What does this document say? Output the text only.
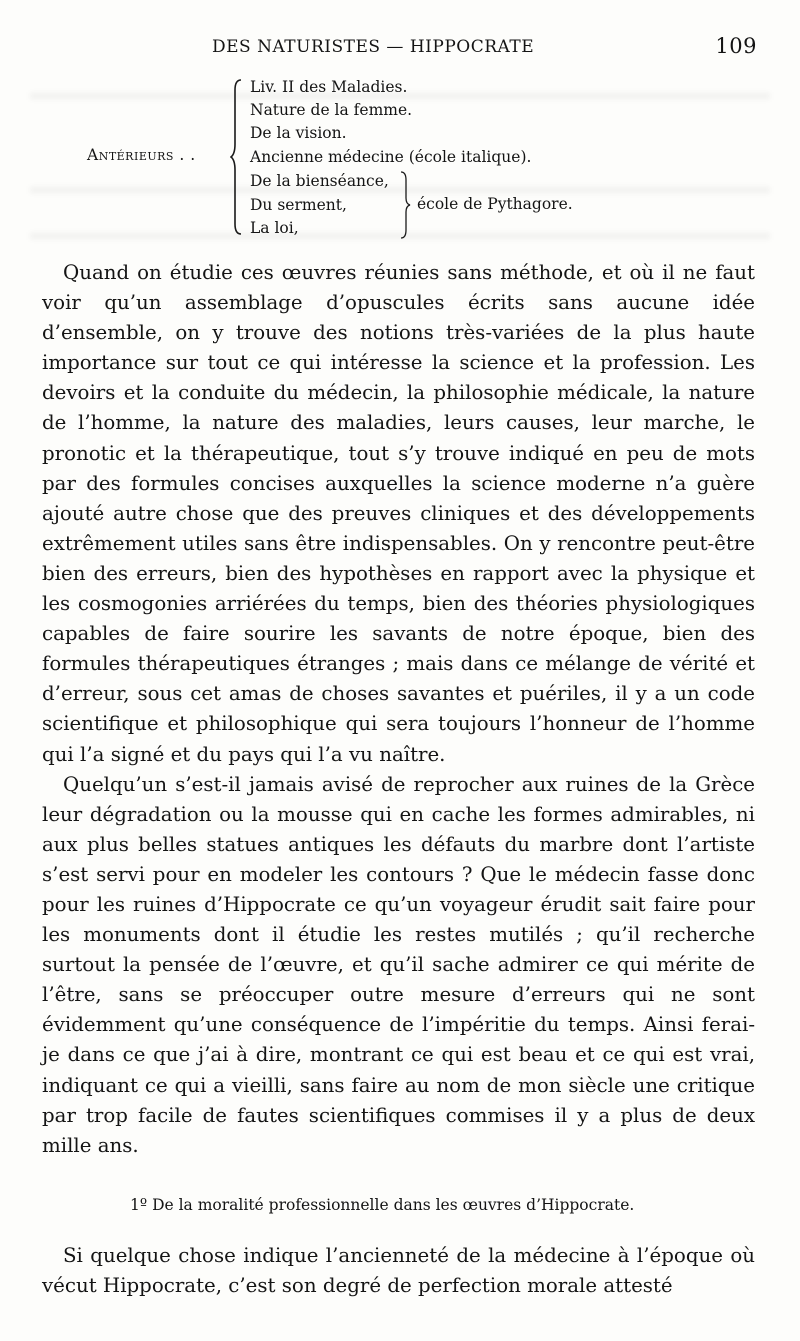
DES NATURISTES — HIPPOCRATE	109
Antérieurs . .
Liv. II des Maladies.
Nature de la femme.
De la vision.
Ancienne médecine (école italique).
De la bienséance,
Du serment,
La loi,
école de Pythagore.

Quand on étudie ces œuvres réunies sans méthode, et où il ne faut voir qu’un assemblage d’opuscules écrits sans aucune idée d’ensemble, on y trouve des notions très-variées de la plus haute importance sur tout ce qui intéresse la science et la profession. Les devoirs et la conduite du médecin, la philosophie médicale, la nature de l’homme, la nature des maladies, leurs causes, leur marche, le pronotic et la thérapeutique, tout s’y trouve indiqué en peu de mots par des formules concises auxquelles la science moderne n’a guère ajouté autre chose que des preuves cliniques et des développements extrêmement utiles sans être indispensables. On y rencontre peut-être bien des erreurs, bien des hypothèses en rapport avec la physique et les cosmogonies arriérées du temps, bien des théories physiologiques capables de faire sourire les savants de notre époque, bien des formules thérapeutiques étranges ; mais dans ce mélange de vérité et d’erreur, sous cet amas de choses savantes et puériles, il y a un code scientifique et philosophique qui sera toujours l’honneur de l’homme qui l’a signé et du pays qui l’a vu naître.

Quelqu’un s’est-il jamais avisé de reprocher aux ruines de la Grèce leur dégradation ou la mousse qui en cache les formes admirables, ni aux plus belles statues antiques les défauts du marbre dont l’artiste s’est servi pour en modeler les contours ? Que le médecin fasse donc pour les ruines d’Hippocrate ce qu’un voyageur érudit sait faire pour les monuments dont il étudie les restes mutilés ; qu’il recherche surtout la pensée de l’œuvre, et qu’il sache admirer ce qui mérite de l’être, sans se préoccuper outre mesure d’erreurs qui ne sont évidemment qu’une conséquence de l’impéritie du temps. Ainsi ferai-je dans ce que j’ai à dire, montrant ce qui est beau et ce qui est vrai, indiquant ce qui a vieilli, sans faire au nom de mon siècle une critique par trop facile de fautes scientifiques commises il y a plus de deux mille ans.

1º De la moralité professionnelle dans les œuvres d’Hippocrate.

Si quelque chose indique l’ancienneté de la médecine à l’époque où vécut Hippocrate, c’est son degré de perfection morale attesté
